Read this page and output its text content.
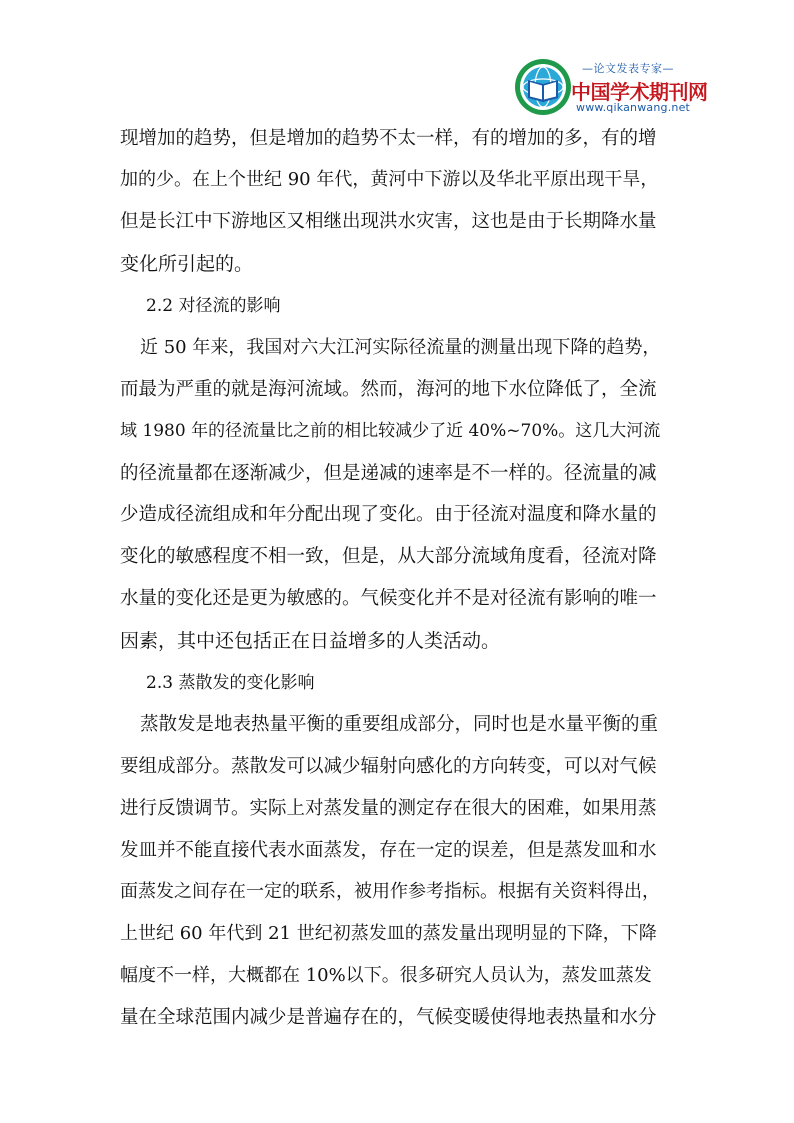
—论文发表专家—
中国学术期刊网
www.qikanwang.net
现增加的趋势，但是增加的趋势不太一样，有的增加的多，有的增
加的少。在上个世纪 90 年代，黄河中下游以及华北平原出现干旱，
但是长江中下游地区又相继出现洪水灾害，这也是由于长期降水量
变化所引起的。
2.2 对径流的影响
近 50 年来，我国对六大江河实际径流量的测量出现下降的趋势，
而最为严重的就是海河流域。然而，海河的地下水位降低了，全流
域 1980 年的径流量比之前的相比较减少了近 40%~70%。这几大河流
的径流量都在逐渐减少，但是递减的速率是不一样的。径流量的减
少造成径流组成和年分配出现了变化。由于径流对温度和降水量的
变化的敏感程度不相一致，但是，从大部分流域角度看，径流对降
水量的变化还是更为敏感的。气候变化并不是对径流有影响的唯一
因素，其中还包括正在日益增多的人类活动。
2.3 蒸散发的变化影响
蒸散发是地表热量平衡的重要组成部分，同时也是水量平衡的重
要组成部分。蒸散发可以减少辐射向感化的方向转变，可以对气候
进行反馈调节。实际上对蒸发量的测定存在很大的困难，如果用蒸
发皿并不能直接代表水面蒸发，存在一定的误差，但是蒸发皿和水
面蒸发之间存在一定的联系，被用作参考指标。根据有关资料得出，
上世纪 60 年代到 21 世纪初蒸发皿的蒸发量出现明显的下降，下降
幅度不一样，大概都在 10%以下。很多研究人员认为，蒸发皿蒸发
量在全球范围内减少是普遍存在的，气候变暖使得地表热量和水分
